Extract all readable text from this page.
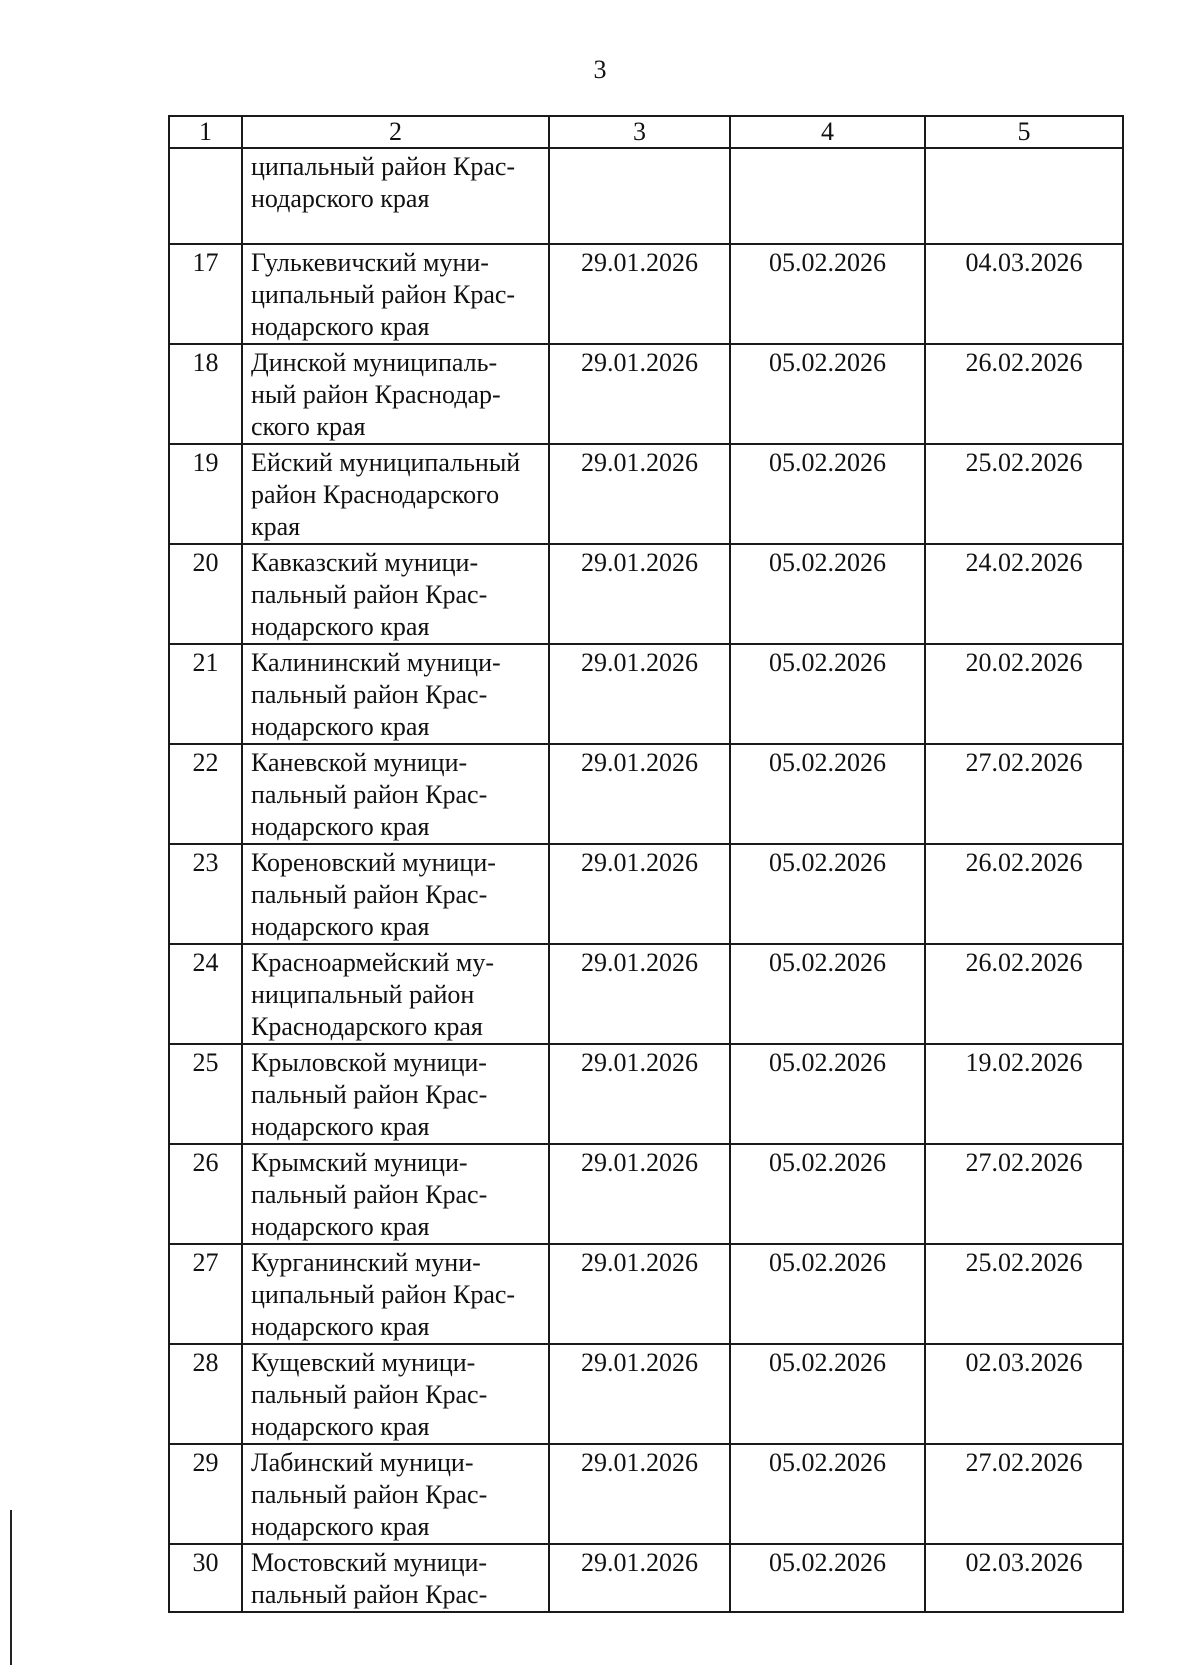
3
1	2	3	4	5
	ципальный район Крас-
нодарского края			
17	Гулькевичский муни-
ципальный район Крас-
нодарского края	29.01.2026	05.02.2026	04.03.2026
18	Динской муниципаль-
ный район Краснодар-
ского края	29.01.2026	05.02.2026	26.02.2026
19	Ейский муниципальный
район Краснодарского
края	29.01.2026	05.02.2026	25.02.2026
20	Кавказский муници-
пальный район Крас-
нодарского края	29.01.2026	05.02.2026	24.02.2026
21	Калининский муници-
пальный район Крас-
нодарского края	29.01.2026	05.02.2026	20.02.2026
22	Каневской муници-
пальный район Крас-
нодарского края	29.01.2026	05.02.2026	27.02.2026
23	Кореновский муници-
пальный район Крас-
нодарского края	29.01.2026	05.02.2026	26.02.2026
24	Красноармейский му-
ниципальный район
Краснодарского края	29.01.2026	05.02.2026	26.02.2026
25	Крыловской муници-
пальный район Крас-
нодарского края	29.01.2026	05.02.2026	19.02.2026
26	Крымский муници-
пальный район Крас-
нодарского края	29.01.2026	05.02.2026	27.02.2026
27	Курганинский муни-
ципальный район Крас-
нодарского края	29.01.2026	05.02.2026	25.02.2026
28	Кущевский муници-
пальный район Крас-
нодарского края	29.01.2026	05.02.2026	02.03.2026
29	Лабинский муници-
пальный район Крас-
нодарского края	29.01.2026	05.02.2026	27.02.2026
30	Мостовский муници-
пальный район Крас-	29.01.2026	05.02.2026	02.03.2026
